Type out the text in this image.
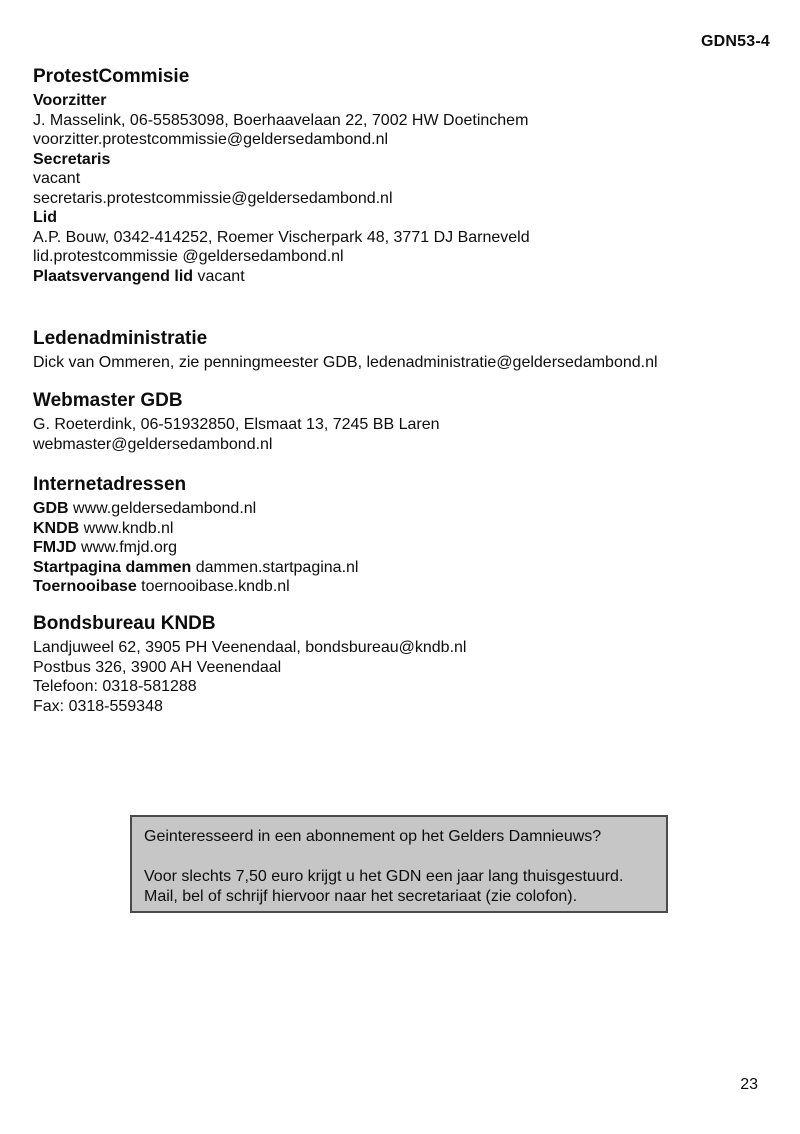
GDN53-4
ProtestCommisie

Voorzitter

J. Masselink, 06-55853098, Boerhaavelaan 22, 7002 HW Doetinchem

voorzitter.protestcommissie@geldersedambond.nl

Secretaris

vacant

secretaris.protestcommissie@geldersedambond.nl

Lid

A.P. Bouw, 0342-414252, Roemer Vischerpark 48, 3771 DJ Barneveld

lid.protestcommissie @geldersedambond.nl

Plaatsvervangend lid vacant

Ledenadministratie

Dick van Ommeren, zie penningmeester GDB, ledenadministratie@geldersedambond.nl

Webmaster GDB

G. Roeterdink, 06-51932850, Elsmaat 13, 7245 BB Laren

webmaster@geldersedambond.nl

Internetadressen

GDB www.geldersedambond.nl

KNDB www.kndb.nl

FMJD www.fmjd.org

Startpagina dammen dammen.startpagina.nl

Toernooibase toernooibase.kndb.nl

Bondsbureau KNDB

Landjuweel 62, 3905 PH Veenendaal, bondsbureau@kndb.nl

Postbus 326, 3900 AH Veenendaal

Telefoon: 0318-581288

Fax: 0318-559348

Geinteresseerd in een abonnement op het Gelders Damnieuws?

Voor slechts 7,50 euro krijgt u het GDN een jaar lang thuisgestuurd.

Mail, bel of schrijf hiervoor naar het secretariaat (zie colofon).

23
